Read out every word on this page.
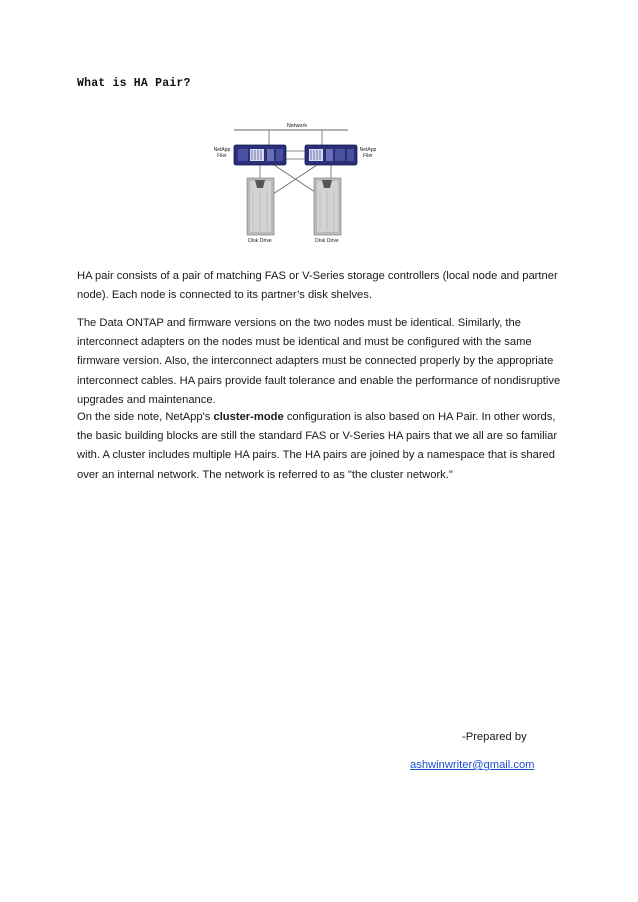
What is HA Pair?
Network
NetApp
Filer
NetApp
Filer
Disk Drive	Disk Drive

HA pair consists of a pair of matching FAS or V-Series storage controllers (local node and partner node). Each node is connected to its partner’s disk shelves.

The Data ONTAP and firmware versions on the two nodes must be identical. Similarly, the interconnect adapters on the nodes must be identical and must be configured with the same firmware version. Also, the interconnect adapters must be connected properly by the appropriate interconnect cables. HA pairs provide fault tolerance and enable the performance of nondisruptive upgrades and maintenance.

On the side note, NetApp's cluster-mode configuration is also based on HA Pair. In other words, the basic building blocks are still the standard FAS or V-Series HA pairs that we all are so familiar with. A cluster includes multiple HA pairs. The HA pairs are joined by a namespace that is shared over an internal network. The network is referred to as "the cluster network."

-Prepared by
ashwinwriter@gmail.com
